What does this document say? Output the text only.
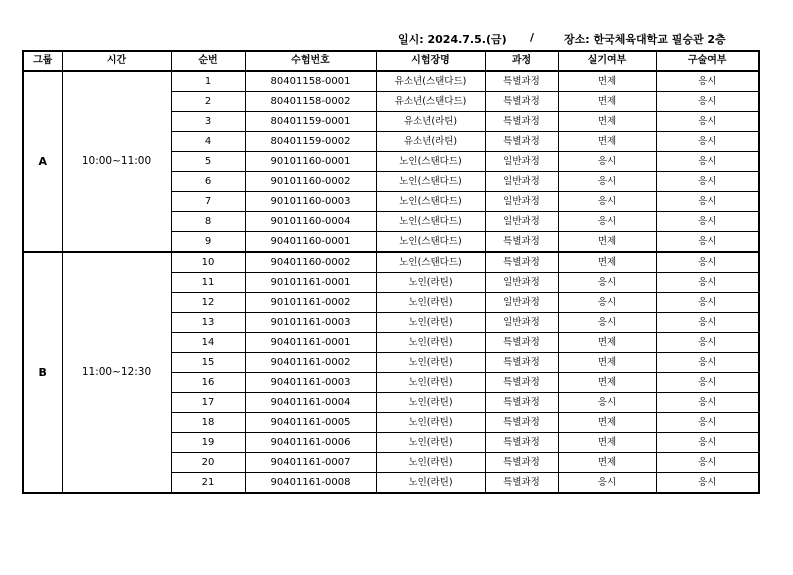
일시: 2024.7.5.(금) /	장소: 한국체육대학교 필승관 2층
그룹	시간	순번	수험번호	시험장명	과정	실기여부	구술여부
A	10:00~11:00	1	80401158-0001	유소년(스탠다드)	특별과정	면제	응시
		2	80401158-0002	유소년(스탠다드)	특별과정	면제	응시
		3	80401159-0001	유소년(라틴)	특별과정	면제	응시
		4	80401159-0002	유소년(라틴)	특별과정	면제	응시
		5	90101160-0001	노인(스탠다드)	일반과정	응시	응시
		6	90101160-0002	노인(스탠다드)	일반과정	응시	응시
		7	90101160-0003	노인(스탠다드)	일반과정	응시	응시
		8	90101160-0004	노인(스탠다드)	일반과정	응시	응시
		9	90401160-0001	노인(스탠다드)	특별과정	면제	응시
B	11:00~12:30	10	90401160-0002	노인(스탠다드)	특별과정	면제	응시
		11	90101161-0001	노인(라틴)	일반과정	응시	응시
		12	90101161-0002	노인(라틴)	일반과정	응시	응시
		13	90101161-0003	노인(라틴)	일반과정	응시	응시
		14	90401161-0001	노인(라틴)	특별과정	면제	응시
		15	90401161-0002	노인(라틴)	특별과정	면제	응시
		16	90401161-0003	노인(라틴)	특별과정	면제	응시
		17	90401161-0004	노인(라틴)	특별과정	응시	응시
		18	90401161-0005	노인(라틴)	특별과정	면제	응시
		19	90401161-0006	노인(라틴)	특별과정	면제	응시
		20	90401161-0007	노인(라틴)	특별과정	면제	응시
		21	90401161-0008	노인(라틴)	특별과정	응시	응시
